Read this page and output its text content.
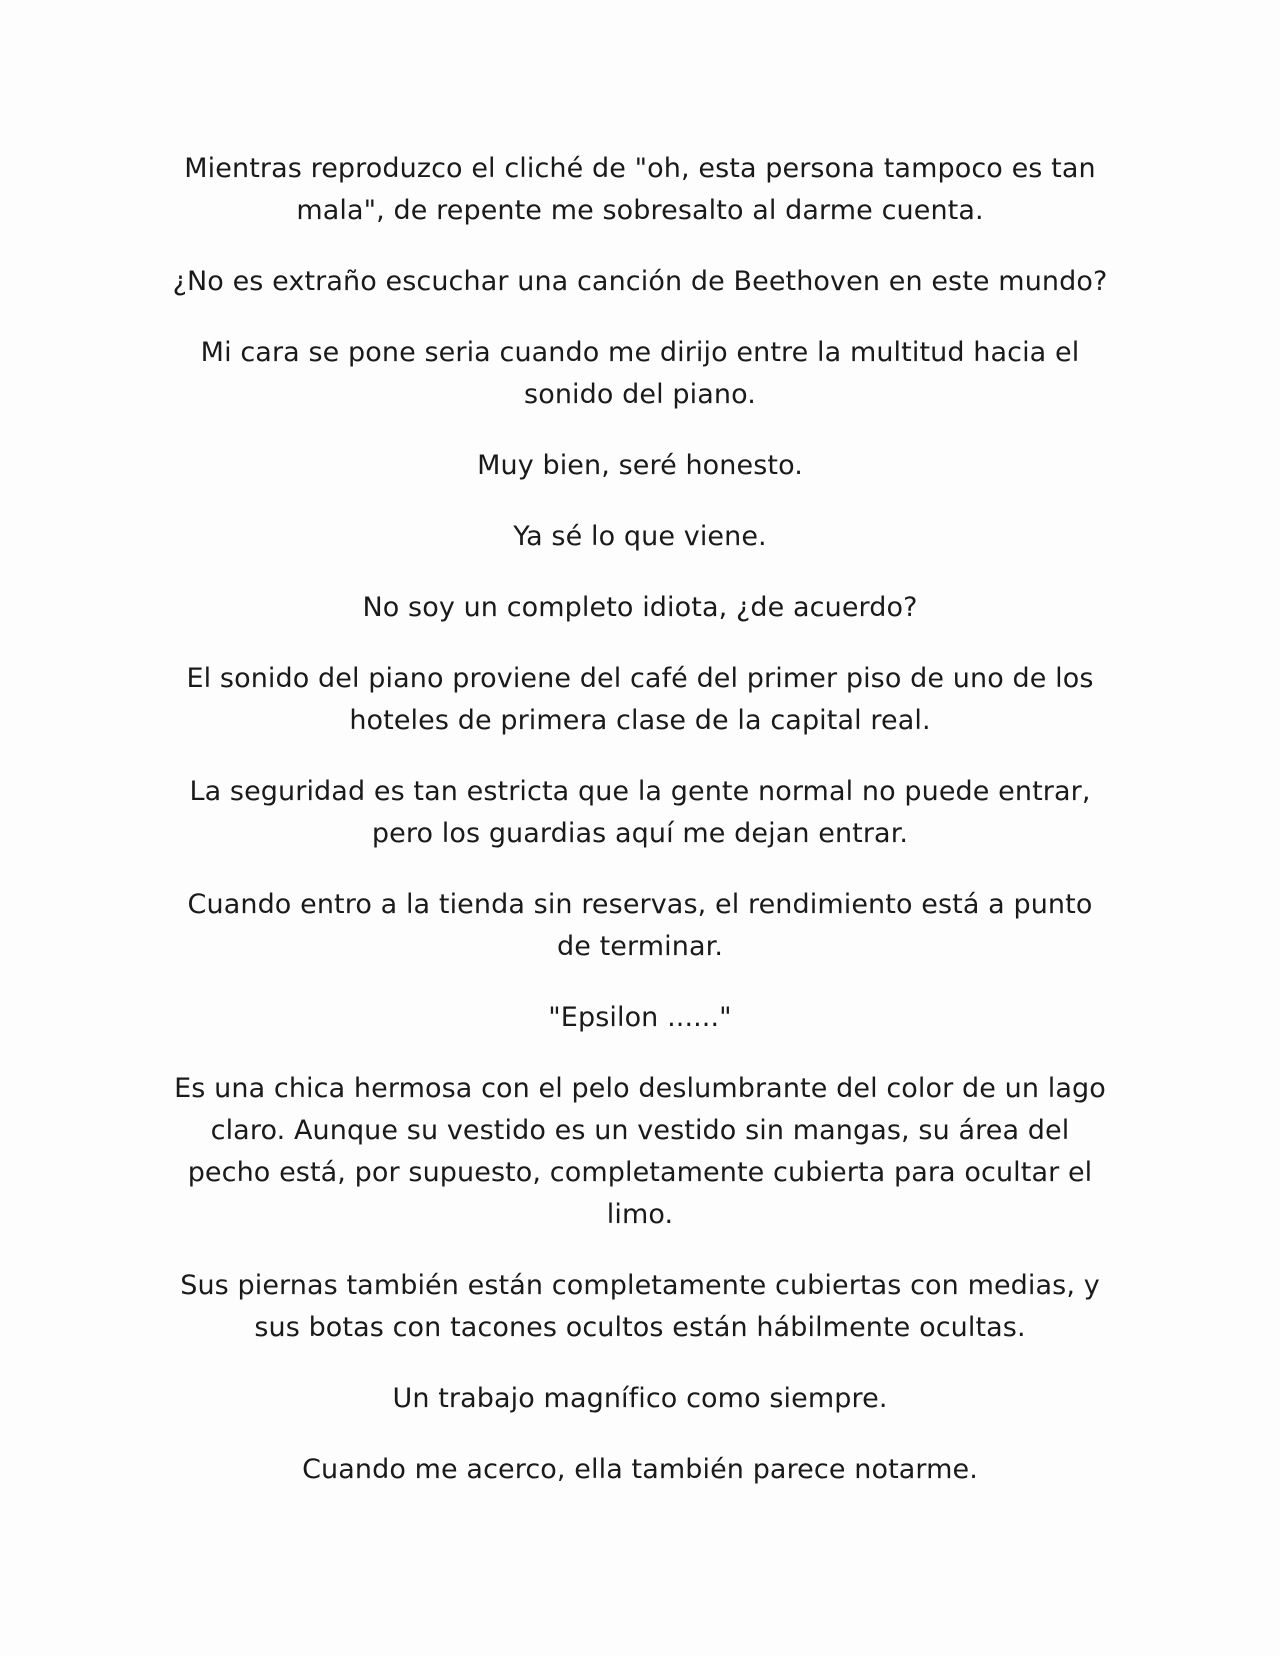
Mientras reproduzco el cliché de "oh, esta persona tampoco es tan mala", de repente me sobresalto al darme cuenta.

¿No es extraño escuchar una canción de Beethoven en este mundo?

Mi cara se pone seria cuando me dirijo entre la multitud hacia el sonido del piano.

Muy bien, seré honesto.

Ya sé lo que viene.

No soy un completo idiota, ¿de acuerdo?

El sonido del piano proviene del café del primer piso de uno de los hoteles de primera clase de la capital real.

La seguridad es tan estricta que la gente normal no puede entrar, pero los guardias aquí me dejan entrar.

Cuando entro a la tienda sin reservas, el rendimiento está a punto de terminar.

"Epsilon ......"

Es una chica hermosa con el pelo deslumbrante del color de un lago claro. Aunque su vestido es un vestido sin mangas, su área del pecho está, por supuesto, completamente cubierta para ocultar el limo.

Sus piernas también están completamente cubiertas con medias, y sus botas con tacones ocultos están hábilmente ocultas.

Un trabajo magnífico como siempre.

Cuando me acerco, ella también parece notarme.
